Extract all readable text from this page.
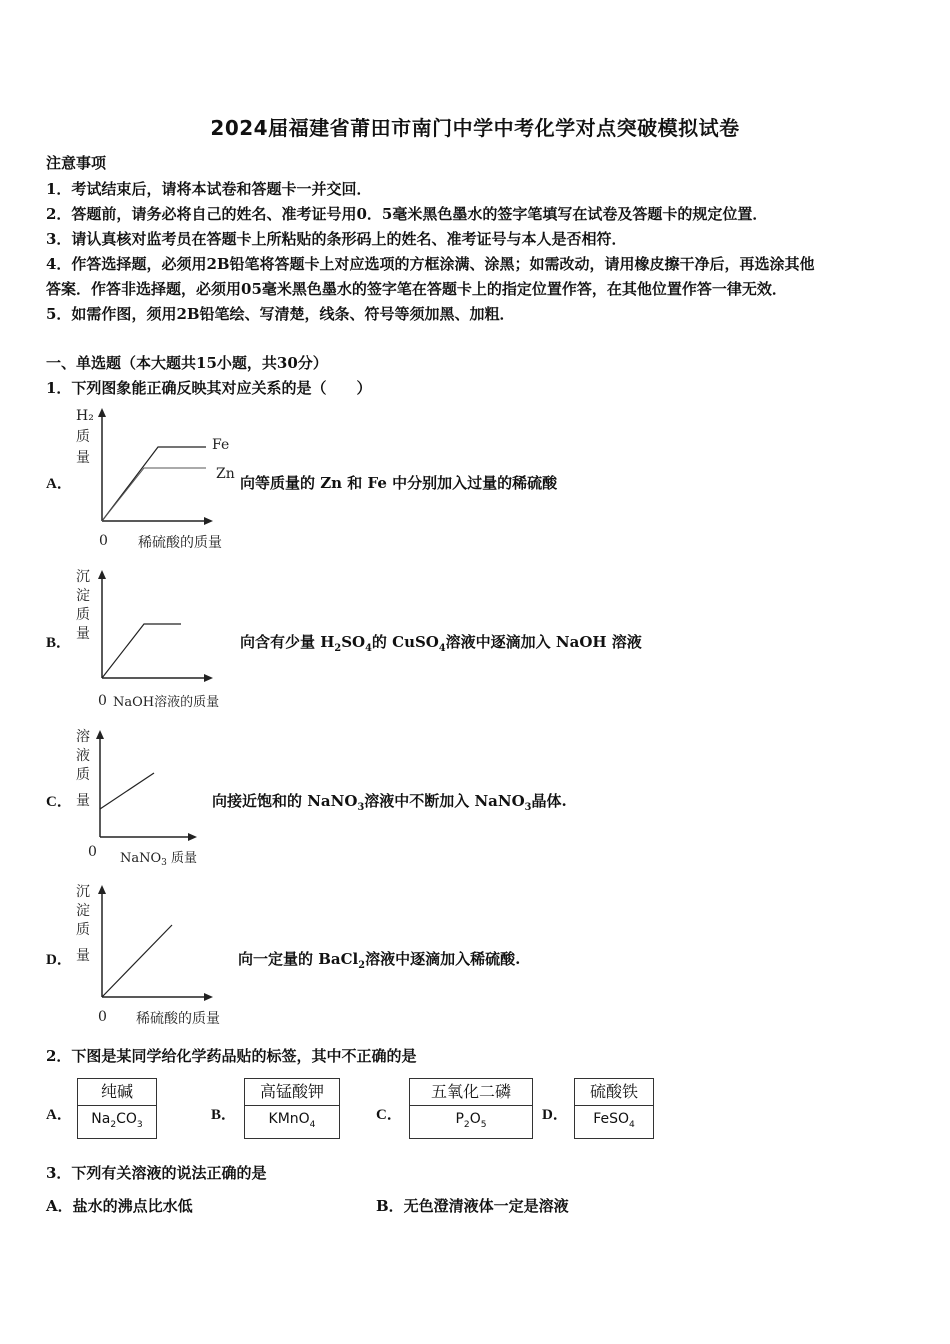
2024届福建省莆田市南门中学中考化学对点突破模拟试卷
注意事项
1．考试结束后，请将本试卷和答题卡一并交回．
2．答题前，请务必将自己的姓名、准考证号用0．5毫米黑色墨水的签字笔填写在试卷及答题卡的规定位置．
3．请认真核对监考员在答题卡上所粘贴的条形码上的姓名、准考证号与本人是否相符．
4．作答选择题，必须用2B铅笔将答题卡上对应选项的方框涂满、涂黑；如需改动，请用橡皮擦干净后，再选涂其他
答案．作答非选择题，必须用05毫米黑色墨水的签字笔在答题卡上的指定位置作答，在其他位置作答一律无效．
5．如需作图，须用2B铅笔绘、写清楚，线条、符号等须加黑、加粗．
一、单选题（本大题共15小题，共30分）
1．下列图象能正确反映其对应关系的是（　　）
A．
H₂
质
量
Fe
Zn
0 稀硫酸的质量
向等质量的 Zn 和 Fe 中分别加入过量的稀硫酸
B．
沉
淀
质
量
0 NaOH溶液的质量
向含有少量 $H_2SO_4$的 CuSO$_4$溶液中逐滴加入 NaOH 溶液
C．
溶
液
质
量
0 NaNO$_3$ 质量
向接近饱和的 NaNO$_3$溶液中不断加入 NaNO$_3$晶体.
D．
沉
淀
质
量
0 稀硫酸的质量
向一定量的 BaCl$_2$溶液中逐滴加入稀硫酸.
2．下图是某同学给化学药品贴的标签，其中不正确的是
A．
纯碱
$Na_2CO_3$
B．
高锰酸钾
KMnO$_4$
C．
五氧化二磷
$P_2O_5$
D．
硫酸铁
FeSO$_4$
3．下列有关溶液的说法正确的是
A．盐水的沸点比水低	B．无色澄清液体一定是溶液
